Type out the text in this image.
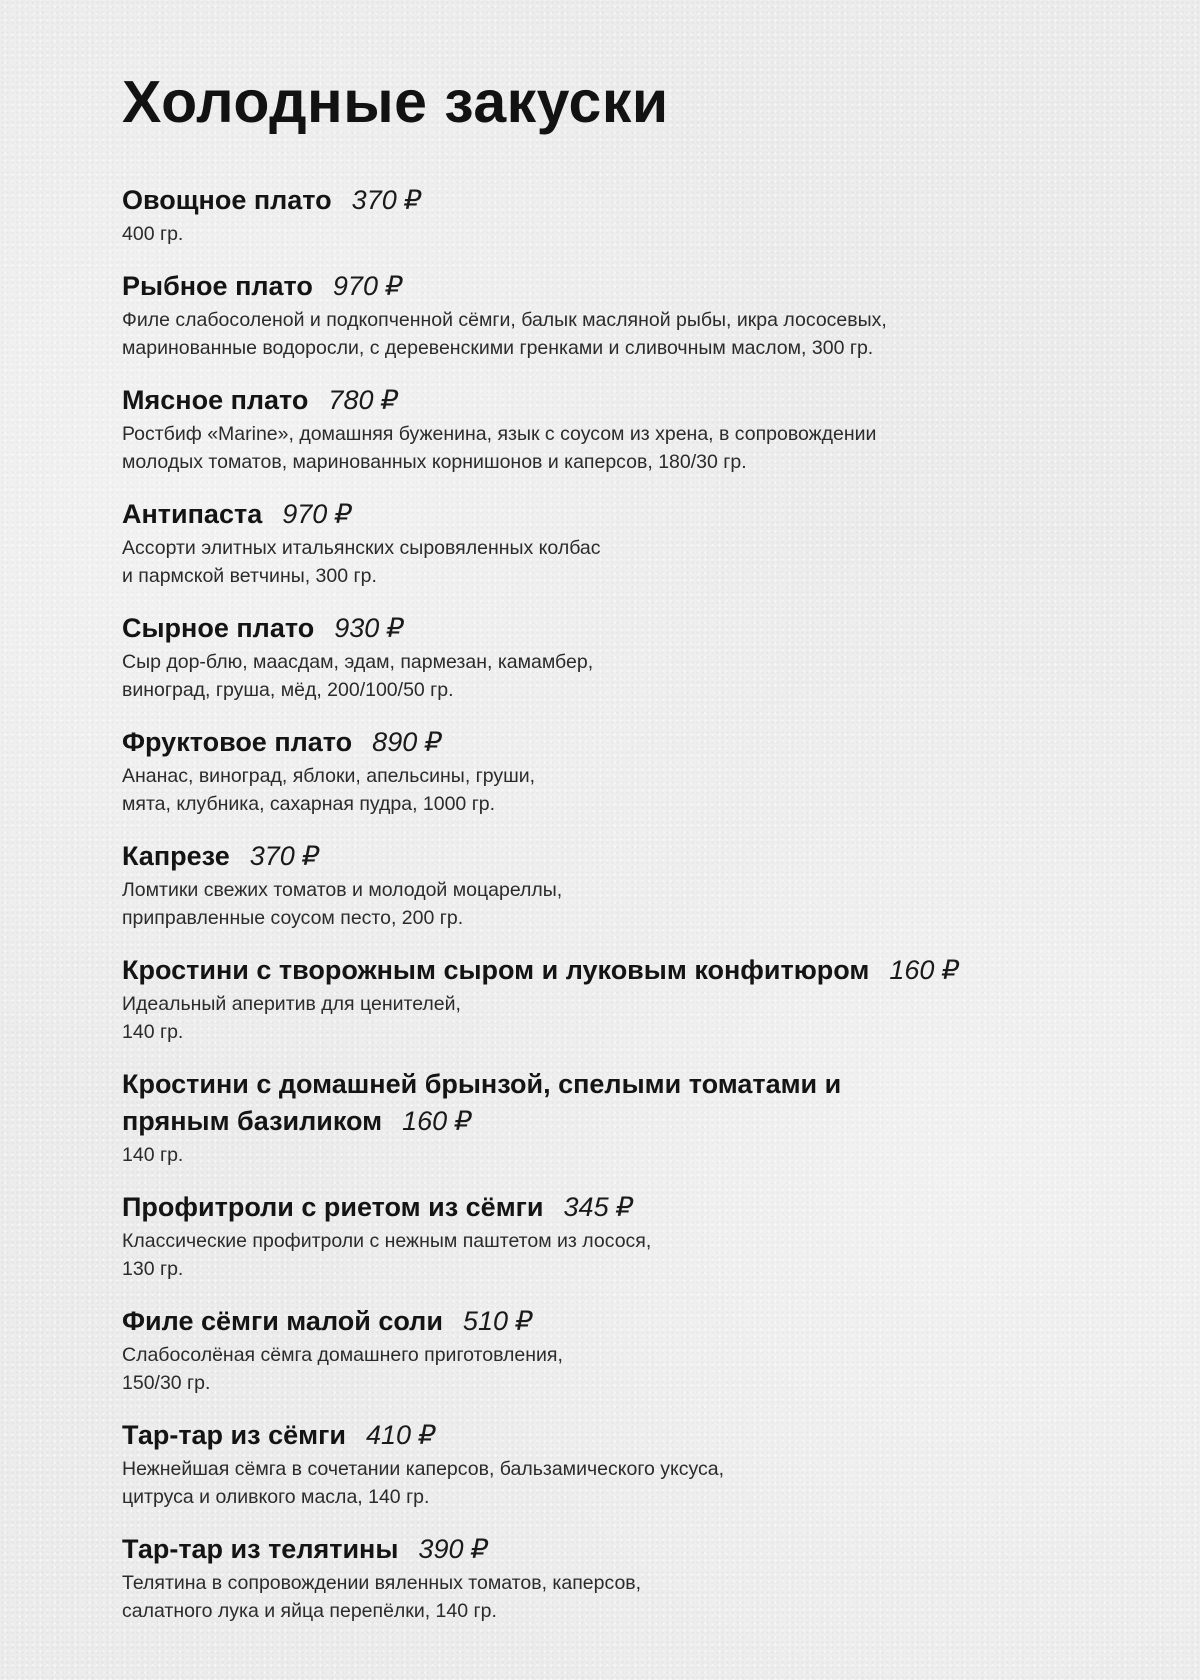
Холодные закуски
Овощное плато 370 ₽
400 гр.
Рыбное плато 970 ₽
Филе слабосоленой и подкопченной сёмги, балык масляной рыбы, икра лососевых,
маринованные водоросли, с деревенскими гренками и сливочным маслом, 300 гр.
Мясное плато 780 ₽
Ростбиф «Marine», домашняя буженина, язык с соусом из хрена, в сопровождении
молодых томатов, маринованных корнишонов и каперсов, 180/30 гр.
Антипаста 970 ₽
Ассорти элитных итальянских сыровяленных колбас
и пармской ветчины, 300 гр.
Сырное плато 930 ₽
Сыр дор-блю, маасдам, эдам, пармезан, камамбер,
виноград, груша, мёд, 200/100/50 гр.
Фруктовое плато 890 ₽
Ананас, виноград, яблоки, апельсины, груши,
мята, клубника, сахарная пудра, 1000 гр.
Капрезе 370 ₽
Ломтики свежих томатов и молодой моцареллы,
приправленные соусом песто, 200 гр.
Кростини с творожным сыром и луковым конфитюром 160 ₽
Идеальный аперитив для ценителей,
140 гр.
Кростини с домашней брынзой, спелыми томатами и пряным базиликом 160 ₽
140 гр.
Профитроли с риетом из сёмги 345 ₽
Классические профитроли с нежным паштетом из лосося,
130 гр.
Филе сёмги малой соли 510 ₽
Слабосолёная сёмга домашнего приготовления,
150/30 гр.
Тар-тар из сёмги 410 ₽
Нежнейшая сёмга в сочетании каперсов, бальзамического уксуса,
цитруса и оливкого масла, 140 гр.
Тар-тар из телятины 390 ₽
Телятина в сопровождении вяленных томатов, каперсов,
салатного лука и яйца перепёлки, 140 гр.
